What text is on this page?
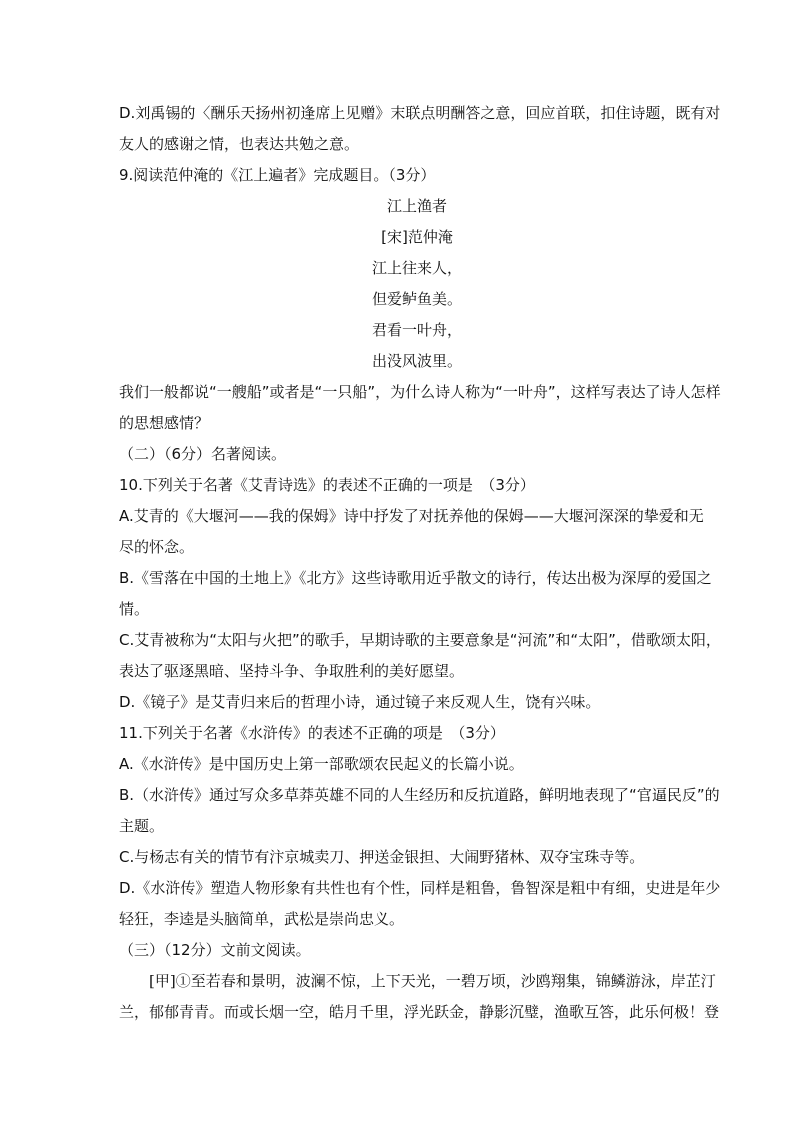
D.刘禹锡的〈酬乐天扬州初逢席上见赠》末联点明酬答之意，回应首联，扣住诗题，既有对
友人的感谢之情，也表达共勉之意。
9.阅读范仲淹的《江上遍者》完成题目。（3分）
江上渔者
[宋]范仲淹
江上往来人，
但爱鲈鱼美。
君看一叶舟，
出没风波里。
我们一般都说“一艘船”或者是“一只船”，为什么诗人称为“一叶舟”，这样写表达了诗人怎样
的思想感情？
（二）（6分）名著阅读。
10.下列关于名著《艾青诗选》的表述不正确的一项是　（3分）
A.艾青的《大堰河——我的保姆》诗中抒发了对抚养他的保姆——大堰河深深的挚爱和无
尽的怀念。
B.《雪落在中国的土地上》《北方》这些诗歌用近乎散文的诗行，传达出极为深厚的爱国之
情。
C.艾青被称为“太阳与火把”的歌手，早期诗歌的主要意象是“河流”和“太阳”，借歌颂太阳，
表达了驱逐黑暗、坚持斗争、争取胜利的美好愿望。
D.《镜子》是艾青归来后的哲理小诗，通过镜子来反观人生，饶有兴味。
11.下列关于名著《水浒传》的表述不正确的项是　（3分）
A.《水浒传》是中国历史上第一部歌颂农民起义的长篇小说。
B.（水浒传》通过写众多草莽英雄不同的人生经历和反抗道路，鲜明地表现了“官逼民反”的
主题。
C.与杨志有关的情节有汴京城卖刀、押送金银担、大闹野猪林、双夺宝珠寺等。
D.《水浒传》塑造人物形象有共性也有个性，同样是粗鲁，鲁智深是粗中有细，史进是年少
轻狂，李逵是头脑简单，武松是崇尚忠义。
（三）（12分）文前文阅读。
[甲]①至若春和景明，波澜不惊，上下天光，一碧万顷，沙鸥翔集，锦鳞游泳，岸芷汀
兰，郁郁青青。而或长烟一空，皓月千里，浮光跃金，静影沉璧，渔歌互答，此乐何极！登
